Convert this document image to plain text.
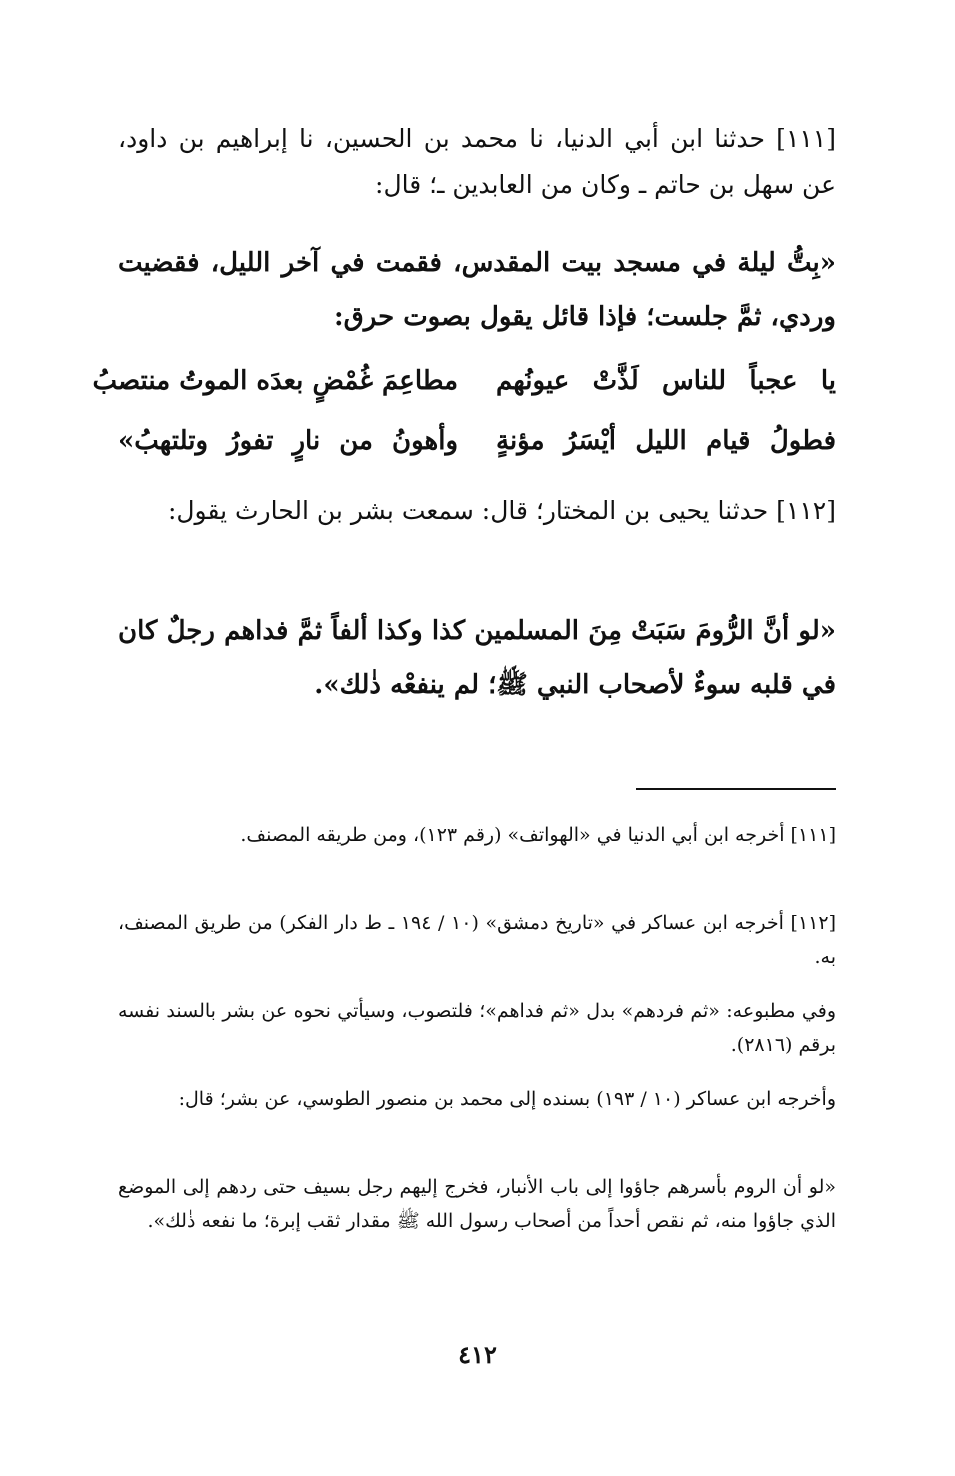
[١١١] حدثنا ابن أبي الدنيا، نا محمد بن الحسين، نا إبراهيم بن داود، عن سهل بن حاتم ـ وكان من العابدين ـ؛ قال:
«بِتُّ ليلة في مسجد بيت المقدس، فقمت في آخر الليل، فقضيت وردي، ثمَّ جلست؛ فإذا قائل يقول بصوت حرق:
يا عجباً للناس لَذَّتْ عيونُهم
مطاعِمَ غُمْضٍ بعدَه الموتُ منتصبُ
فطولُ قيام الليل أيْسَرُ مؤنةٍ
وأهونُ من نارٍ تفورُ وتلتهبُ»
[١١٢] حدثنا يحيى بن المختار؛ قال: سمعت بشر بن الحارث يقول:
«لو أنَّ الرُّومَ سَبَتْ مِنَ المسلمين كذا وكذا ألفاً ثمَّ فداهم رجلٌ كان في قلبه سوءٌ لأصحاب النبي ﷺ؛ لم ينفعْه ذٰلك».
[١١١] أخرجه ابن أبي الدنيا في «الهواتف» (رقم ١٢٣)، ومن طريقه المصنف.
[١١٢] أخرجه ابن عساكر في «تاريخ دمشق» (١٠ / ١٩٤ ـ ط دار الفكر) من طريق المصنف، به.
وفي مطبوعه: «ثم فردهم» بدل «ثم فداهم»؛ فلتصوب، وسيأتي نحوه عن بشر بالسند نفسه برقم (٢٨١٦).
وأخرجه ابن عساكر (١٠ / ١٩٣) بسنده إلى محمد بن منصور الطوسي، عن بشر؛ قال:
«لو أن الروم بأسرهم جاؤوا إلى باب الأنبار، فخرج إليهم رجل بسيف حتى ردهم إلى الموضع الذي جاؤوا منه، ثم نقص أحداً من أصحاب رسول الله ﷺ مقدار ثقب إبرة؛ ما نفعه ذٰلك».
٤١٢
